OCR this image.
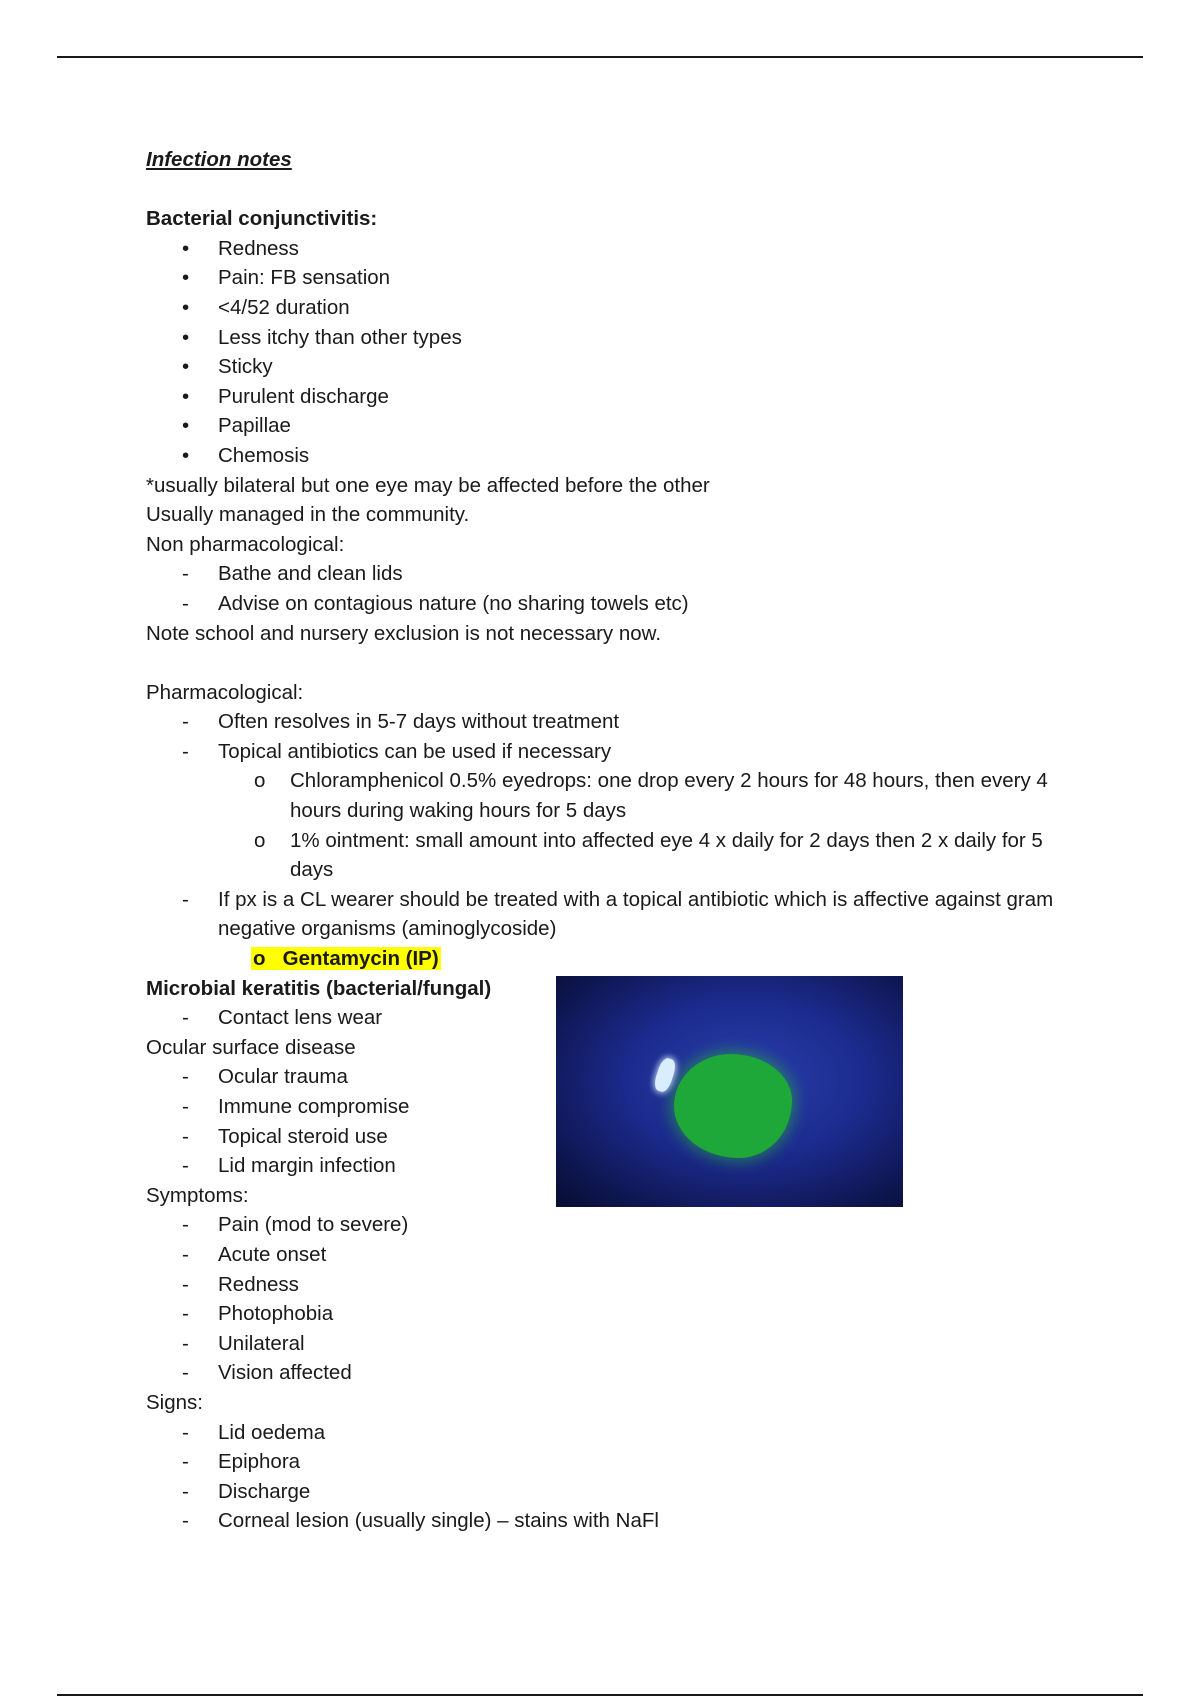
Infection notes
Bacterial conjunctivitis:
• Redness
• Pain: FB sensation
• <4/52 duration
• Less itchy than other types
• Sticky
• Purulent discharge
• Papillae
• Chemosis
*usually bilateral but one eye may be affected before the other
Usually managed in the community.
Non pharmacological:
- Bathe and clean lids
- Advise on contagious nature (no sharing towels etc)
Note school and nursery exclusion is not necessary now.
Pharmacological:
- Often resolves in 5-7 days without treatment
- Topical antibiotics can be used if necessary
o Chloramphenicol 0.5% eyedrops: one drop every 2 hours for 48 hours, then every 4 hours during waking hours for 5 days
o 1% ointment: small amount into affected eye 4 x daily for 2 days then 2 x daily for 5 days
- If px is a CL wearer should be treated with a topical antibiotic which is affective against gram negative organisms (aminoglycoside)
o Gentamycin (IP)
Microbial keratitis (bacterial/fungal)
- Contact lens wear
Ocular surface disease
- Ocular trauma
- Immune compromise
- Topical steroid use
- Lid margin infection
Symptoms:
- Pain (mod to severe)
- Acute onset
- Redness
- Photophobia
- Unilateral
- Vision affected
Signs:
- Lid oedema
- Epiphora
- Discharge
- Corneal lesion (usually single) – stains with NaFl
